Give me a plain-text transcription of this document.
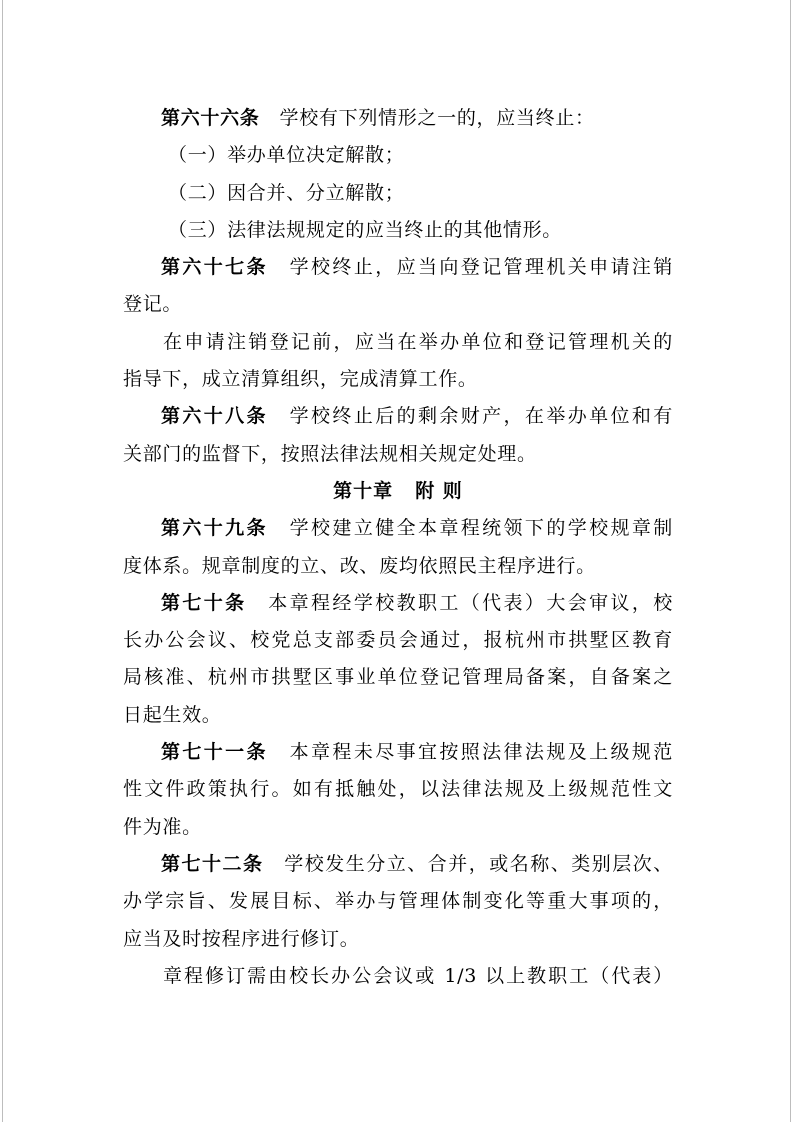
第六十六条 学校有下列情形之一的，应当终止：
（一）举办单位决定解散；
（二）因合并、分立解散；
（三）法律法规规定的应当终止的其他情形。
第六十七条 学校终止，应当向登记管理机关申请注销
登记。
在申请注销登记前，应当在举办单位和登记管理机关的
指导下，成立清算组织，完成清算工作。
第六十八条 学校终止后的剩余财产，在举办单位和有
关部门的监督下，按照法律法规相关规定处理。
第十章 附 则
第六十九条 学校建立健全本章程统领下的学校规章制
度体系。规章制度的立、改、废均依照民主程序进行。
第七十条 本章程经学校教职工（代表）大会审议，校
长办公会议、校党总支部委员会通过，报杭州市拱墅区教育
局核准、杭州市拱墅区事业单位登记管理局备案，自备案之
日起生效。
第七十一条 本章程未尽事宜按照法律法规及上级规范
性文件政策执行。如有抵触处，以法律法规及上级规范性文
件为准。
第七十二条 学校发生分立、合并，或名称、类别层次、
办学宗旨、发展目标、举办与管理体制变化等重大事项的，
应当及时按程序进行修订。
章程修订需由校长办公会议或 1/3 以上教职工（代表）
